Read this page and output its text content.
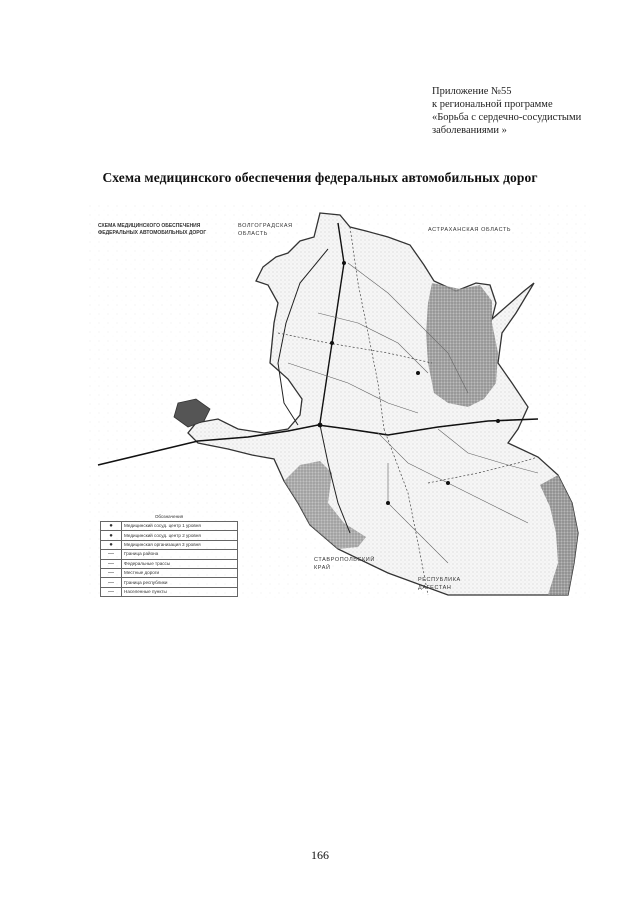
Приложение №55
к региональной программе
«Борьба с сердечно-сосудистыми
заболеваниями »
Схема медицинского обеспечения федеральных автомобильных дорог
СХЕМА МЕДИЦИНСКОГО ОБЕСПЕЧЕНИЯ
ФЕДЕРАЛЬНЫХ АВТОМОБИЛЬНЫХ ДОРОГ
ВОЛГОГРАДСКАЯ
ОБЛАСТЬ
АСТРАХАНСКАЯ ОБЛАСТЬ
СТАВРОПОЛЬСКИЙ
КРАЙ
РЕСПУБЛИКА
ДАГЕСТАН
Обозначения
●	Медицинский сосуд. центр 1 уровня
●	Медицинский сосуд. центр 2 уровня
●	Медицинская организация 3 уровня
—	Граница района
—	Федеральные трассы
—	Местные дороги
—	Граница республики
—	Населенные пункты
166
